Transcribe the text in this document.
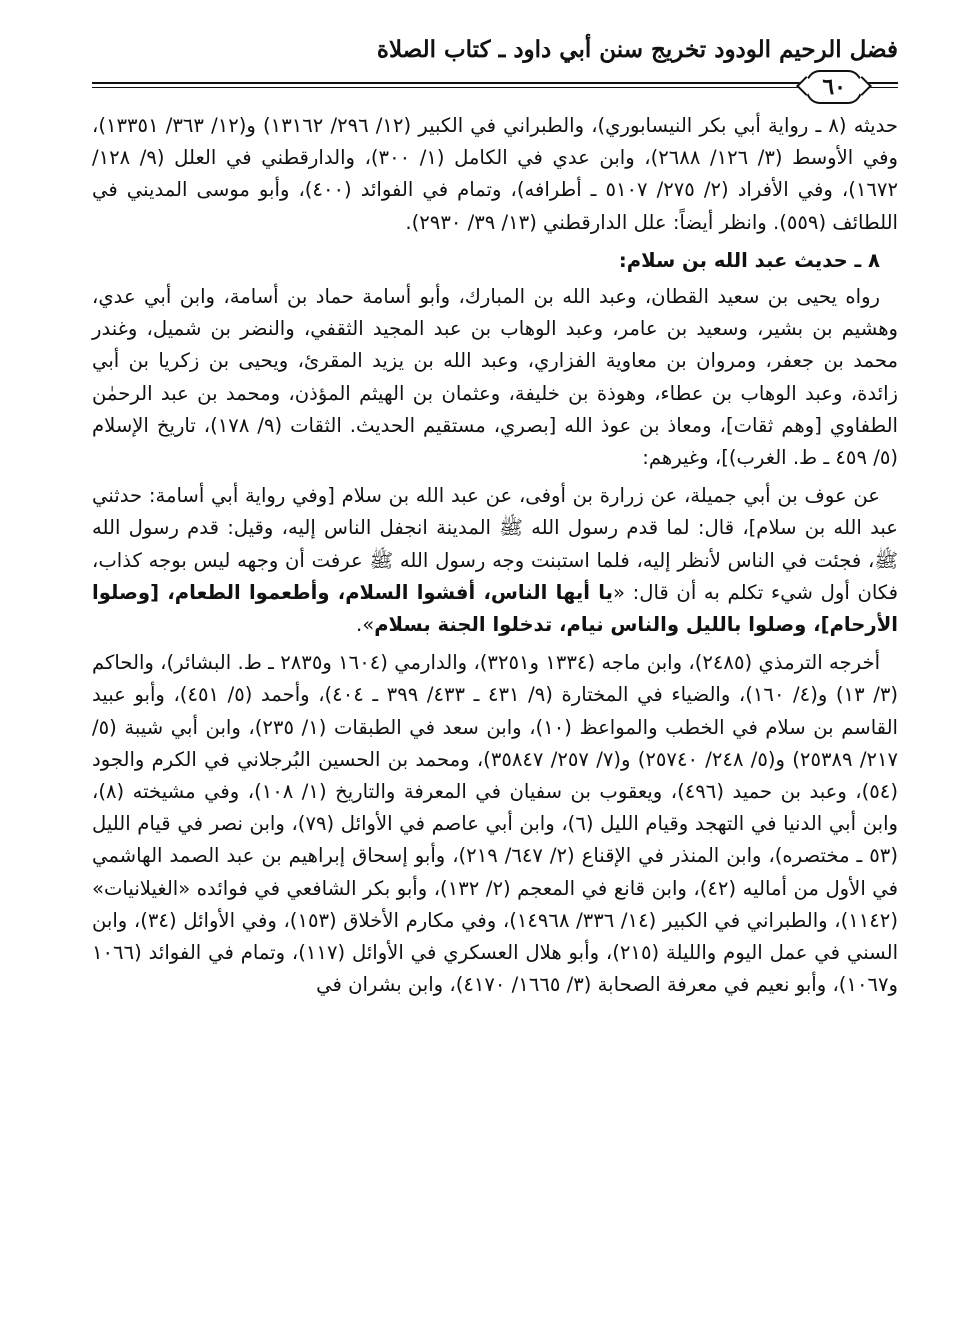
فضل الرحيم الودود تخريج سنن أبي داود ـ كتاب الصلاة
٦٠

حديثه (٨ ـ رواية أبي بكر النيسابوري)، والطبراني في الكبير (١٢/ ٢٩٦/ ١٣١٦٢) و(١٢/ ٣٦٣/ ١٣٣٥١)، وفي الأوسط (٣/ ١٢٦/ ٢٦٨٨)، وابن عدي في الكامل (١/ ٣٠٠)، والدارقطني في العلل (٩/ ١٢٨/ ١٦٧٢)، وفي الأفراد (٢/ ٢٧٥/ ٥١٠٧ ـ أطرافه)، وتمام في الفوائد (٤٠٠)، وأبو موسى المديني في اللطائف (٥٥٩). وانظر أيضاً: علل الدارقطني (١٣/ ٣٩/ ٢٩٣٠).

٨ ـ حديث عبد الله بن سلام:

رواه يحيى بن سعيد القطان، وعبد الله بن المبارك، وأبو أسامة حماد بن أسامة، وابن أبي عدي، وهشيم بن بشير، وسعيد بن عامر، وعبد الوهاب بن عبد المجيد الثقفي، والنضر بن شميل، وغندر محمد بن جعفر، ومروان بن معاوية الفزاري، وعبد الله بن يزيد المقرئ، ويحيى بن زكريا بن أبي زائدة، وعبد الوهاب بن عطاء، وهوذة بن خليفة، وعثمان بن الهيثم المؤذن، ومحمد بن عبد الرحمٰن الطفاوي [وهم ثقات]، ومعاذ بن عوذ الله [بصري، مستقيم الحديث. الثقات (٩/ ١٧٨)، تاريخ الإسلام (٥/ ٤٥٩ ـ ط. الغرب)]، وغيرهم:

عن عوف بن أبي جميلة، عن زرارة بن أوفى، عن عبد الله بن سلام [وفي رواية أبي أسامة: حدثني عبد الله بن سلام]، قال: لما قدم رسول الله ﷺ المدينة انجفل الناس إليه، وقيل: قدم رسول الله ﷺ، فجئت في الناس لأنظر إليه، فلما استبنت وجه رسول الله ﷺ عرفت أن وجهه ليس بوجه كذاب، فكان أول شيء تكلم به أن قال: «يا أيها الناس، أفشوا السلام، وأطعموا الطعام، [وصلوا الأرحام]، وصلوا بالليل والناس نيام، تدخلوا الجنة بسلام».

أخرجه الترمذي (٢٤٨٥)، وابن ماجه (١٣٣٤ و٣٢٥١)، والدارمي (١٦٠٤ و٢٨٣٥ ـ ط. البشائر)، والحاكم (٣/ ١٣) و(٤/ ١٦٠)، والضياء في المختارة (٩/ ٤٣١ ـ ٤٣٣/ ٣٩٩ ـ ٤٠٤)، وأحمد (٥/ ٤٥١)، وأبو عبيد القاسم بن سلام في الخطب والمواعظ (١٠)، وابن سعد في الطبقات (١/ ٢٣٥)، وابن أبي شيبة (٥/ ٢١٧/ ٢٥٣٨٩) و(٥/ ٢٤٨/ ٢٥٧٤٠) و(٧/ ٢٥٧/ ٣٥٨٤٧)، ومحمد بن الحسين البُرجلاني في الكرم والجود (٥٤)، وعبد بن حميد (٤٩٦)، ويعقوب بن سفيان في المعرفة والتاريخ (١/ ١٠٨)، وفي مشيخته (٨)، وابن أبي الدنيا في التهجد وقيام الليل (٦)، وابن أبي عاصم في الأوائل (٧٩)، وابن نصر في قيام الليل (٥٣ ـ مختصره)، وابن المنذر في الإقناع (٢/ ٦٤٧/ ٢١٩)، وأبو إسحاق إبراهيم بن عبد الصمد الهاشمي في الأول من أماليه (٤٢)، وابن قانع في المعجم (٢/ ١٣٢)، وأبو بكر الشافعي في فوائده «الغيلانيات» (١١٤٢)، والطبراني في الكبير (١٤/ ٣٣٦/ ١٤٩٦٨)، وفي مكارم الأخلاق (١٥٣)، وفي الأوائل (٣٤)، وابن السني في عمل اليوم والليلة (٢١٥)، وأبو هلال العسكري في الأوائل (١١٧)، وتمام في الفوائد (١٠٦٦ و١٠٦٧)، وأبو نعيم في معرفة الصحابة (٣/ ١٦٦٥/ ٤١٧٠)، وابن بشران في
